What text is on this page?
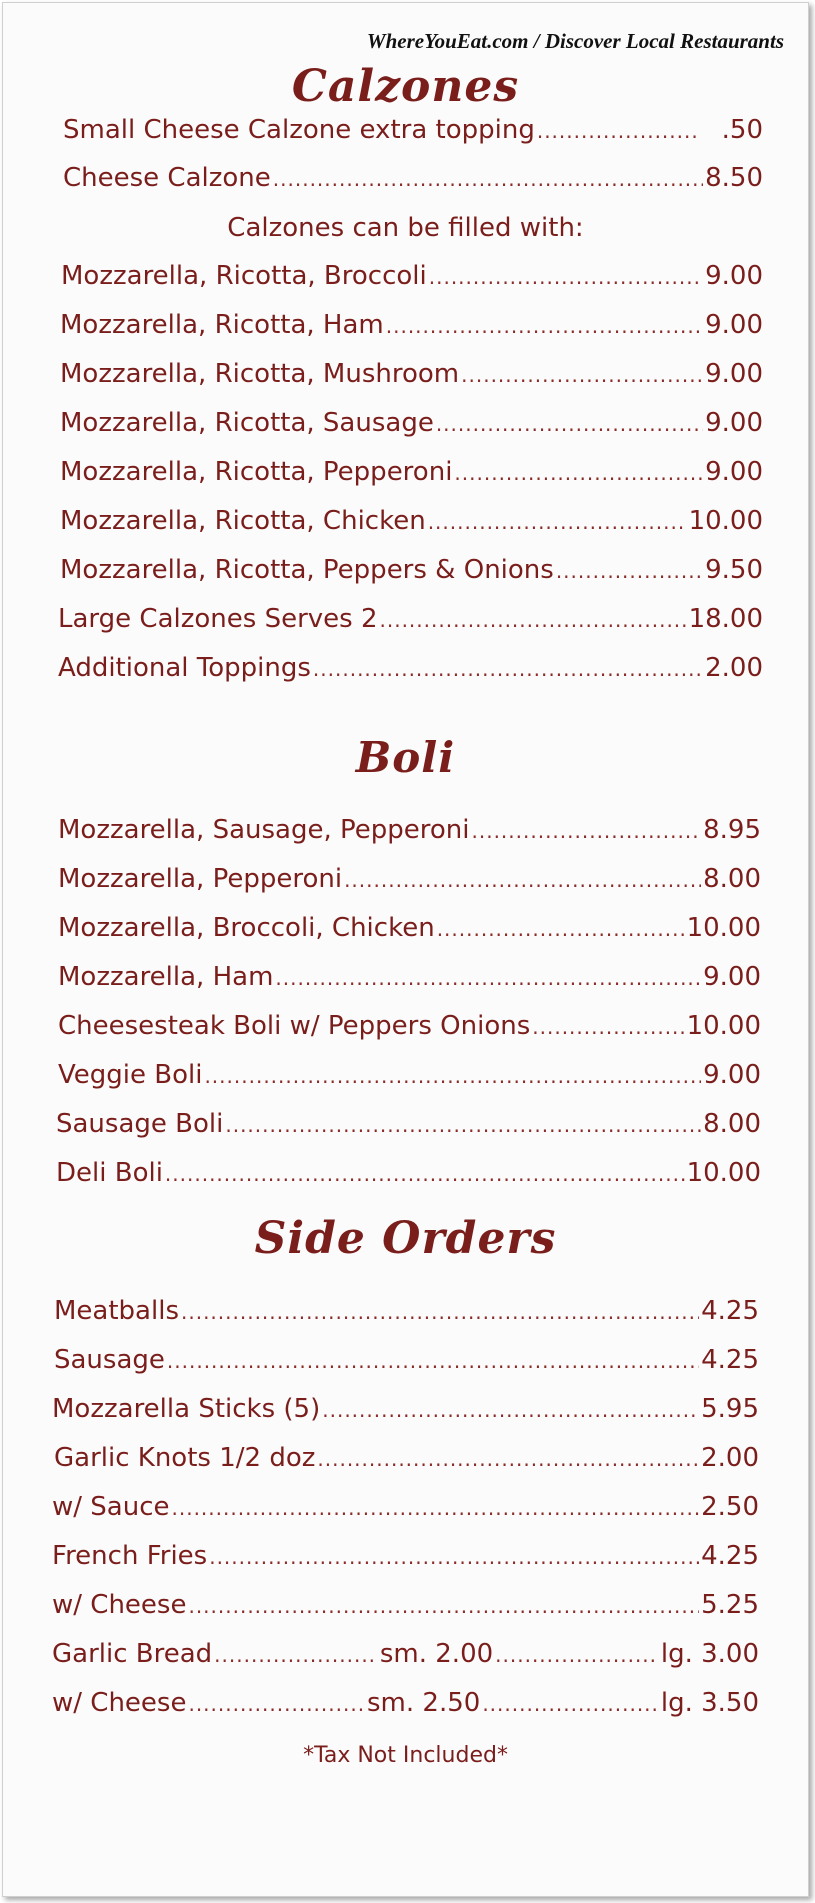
WhereYouEat.com / Discover Local Restaurants

Calzones
Small Cheese Calzone extra topping .....	.50
Cheese Calzone .....	8.50

Calzones can be filled with:

Mozzarella, Ricotta, Broccoli .....	9.00
Mozzarella, Ricotta, Ham .....	9.00
Mozzarella, Ricotta, Mushroom .....	9.00
Mozzarella, Ricotta, Sausage .....	9.00
Mozzarella, Ricotta, Pepperoni .....	9.00
Mozzarella, Ricotta, Chicken .....	10.00
Mozzarella, Ricotta, Peppers & Onions .....	9.50
Large Calzones Serves 2 .....	18.00
Additional Toppings .....	2.00
Boli
Mozzarella, Sausage, Pepperoni .....	8.95
Mozzarella, Pepperoni .....	8.00
Mozzarella, Broccoli, Chicken .....	10.00
Mozzarella, Ham .....	9.00
Cheesesteak Boli w/ Peppers Onions .....	10.00
Veggie Boli .....	9.00
Sausage Boli .....	8.00
Deli Boli .....	10.00
Side Orders
Meatballs .....	4.25
Sausage .....	4.25
Mozzarella Sticks (5) .....	5.95
Garlic Knots 1/2 doz .....	2.00
w/ Sauce .....	2.50
French Fries .....	4.25
w/ Cheese .....	5.25
Garlic Bread .....	sm. 2.00 .....	lg. 3.00
w/ Cheese .....	sm. 2.50 .....	lg. 3.50

*Tax Not Included*
